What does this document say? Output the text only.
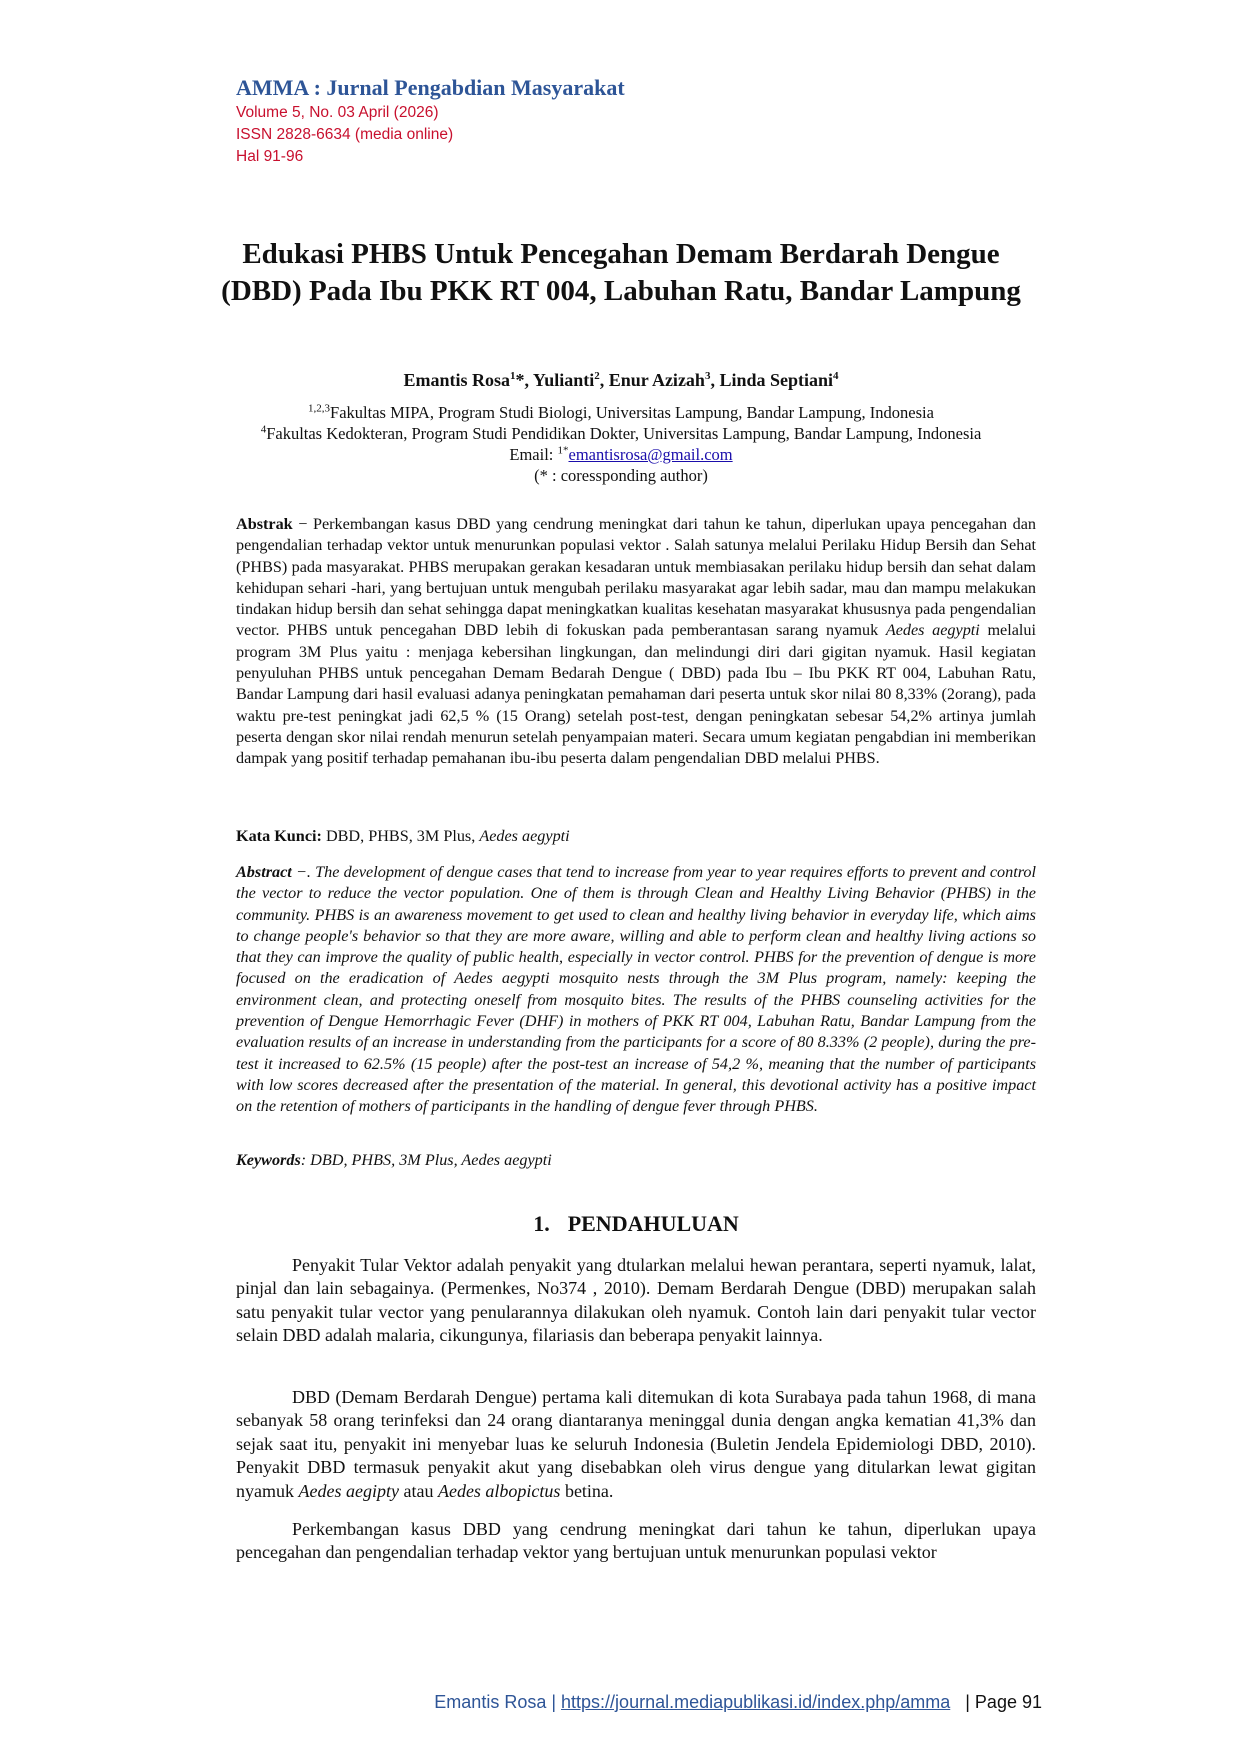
AMMA : Jurnal Pengabdian Masyarakat

Volume 5, No. 03 April (2026)

ISSN 2828-6634 (media online)

Hal 91-96

Edukasi PHBS Untuk Pencegahan Demam Berdarah Dengue (DBD) Pada Ibu PKK RT 004, Labuhan Ratu, Bandar Lampung

Emantis Rosa$^1$*, Yulianti$^2$, Enur Azizah$^3$, Linda Septiani$^4$

$^{1,2,3}$Fakultas MIPA, Program Studi Biologi, Universitas Lampung, Bandar Lampung, Indonesia
$^4$Fakultas Kedokteran, Program Studi Pendidikan Dokter, Universitas Lampung, Bandar Lampung, Indonesia
Email: $^{1*}$emantisrosa@gmail.com
(* : coressponding author)

Abstrak − Perkembangan kasus DBD yang cendrung meningkat dari tahun ke tahun, diperlukan upaya pencegahan dan pengendalian terhadap vektor untuk menurunkan populasi vektor . Salah satunya melalui Perilaku Hidup Bersih dan Sehat (PHBS) pada masyarakat. PHBS merupakan gerakan kesadaran untuk membiasakan perilaku hidup bersih dan sehat dalam kehidupan sehari -hari, yang bertujuan untuk mengubah perilaku masyarakat agar lebih sadar, mau dan mampu melakukan tindakan hidup bersih dan sehat sehingga dapat meningkatkan kualitas kesehatan masyarakat khususnya pada pengendalian vector. PHBS untuk pencegahan DBD lebih di fokuskan pada pemberantasan sarang nyamuk Aedes aegypti melalui program 3M Plus yaitu : menjaga kebersihan lingkungan, dan melindungi diri dari gigitan nyamuk. Hasil kegiatan penyuluhan PHBS untuk pencegahan Demam Bedarah Dengue ( DBD) pada Ibu – Ibu PKK RT 004, Labuhan Ratu, Bandar Lampung dari hasil evaluasi adanya peningkatan pemahaman dari peserta untuk skor nilai 80 8,33% (2orang), pada waktu pre-test peningkat jadi 62,5 % (15 Orang) setelah post-test, dengan peningkatan sebesar 54,2% artinya jumlah peserta dengan skor nilai rendah menurun setelah penyampaian materi. Secara umum kegiatan pengabdian ini memberikan dampak yang positif terhadap pemahanan ibu-ibu peserta dalam pengendalian DBD melalui PHBS.

Kata Kunci: DBD, PHBS, 3M Plus, Aedes aegypti

Abstract −. The development of dengue cases that tend to increase from year to year requires efforts to prevent and control the vector to reduce the vector population. One of them is through Clean and Healthy Living Behavior (PHBS) in the community. PHBS is an awareness movement to get used to clean and healthy living behavior in everyday life, which aims to change people's behavior so that they are more aware, willing and able to perform clean and healthy living actions so that they can improve the quality of public health, especially in vector control. PHBS for the prevention of dengue is more focused on the eradication of Aedes aegypti mosquito nests through the 3M Plus program, namely: keeping the environment clean, and protecting oneself from mosquito bites. The results of the PHBS counseling activities for the prevention of Dengue Hemorrhagic Fever (DHF) in mothers of PKK RT 004, Labuhan Ratu, Bandar Lampung from the evaluation results of an increase in understanding from the participants for a score of 80 8.33% (2 people), during the pre-test it increased to 62.5% (15 people) after the post-test an increase of 54,2 %, meaning that the number of participants with low scores decreased after the presentation of the material. In general, this devotional activity has a positive impact on the retention of mothers of participants in the handling of dengue fever through PHBS.

Keywords: DBD, PHBS, 3M Plus, Aedes aegypti

1. PENDAHULUAN

Penyakit Tular Vektor adalah penyakit yang dtularkan melalui hewan perantara, seperti nyamuk, lalat, pinjal dan lain sebagainya. (Permenkes, No374 , 2010). Demam Berdarah Dengue (DBD) merupakan salah satu penyakit tular vector yang penularannya dilakukan oleh nyamuk. Contoh lain dari penyakit tular vector selain DBD adalah malaria, cikungunya, filariasis dan beberapa penyakit lainnya.

DBD (Demam Berdarah Dengue) pertama kali ditemukan di kota Surabaya pada tahun 1968, di mana sebanyak 58 orang terinfeksi dan 24 orang diantaranya meninggal dunia dengan angka kematian 41,3% dan sejak saat itu, penyakit ini menyebar luas ke seluruh Indonesia (Buletin Jendela Epidemiologi DBD, 2010). Penyakit DBD termasuk penyakit akut yang disebabkan oleh virus dengue yang ditularkan lewat gigitan nyamuk Aedes aegipty atau Aedes albopictus betina.

Perkembangan kasus DBD yang cendrung meningkat dari tahun ke tahun, diperlukan upaya pencegahan dan pengendalian terhadap vektor yang bertujuan untuk menurunkan populasi vektor

Emantis Rosa | https://journal.mediapublikasi.id/index.php/amma   | Page 91
